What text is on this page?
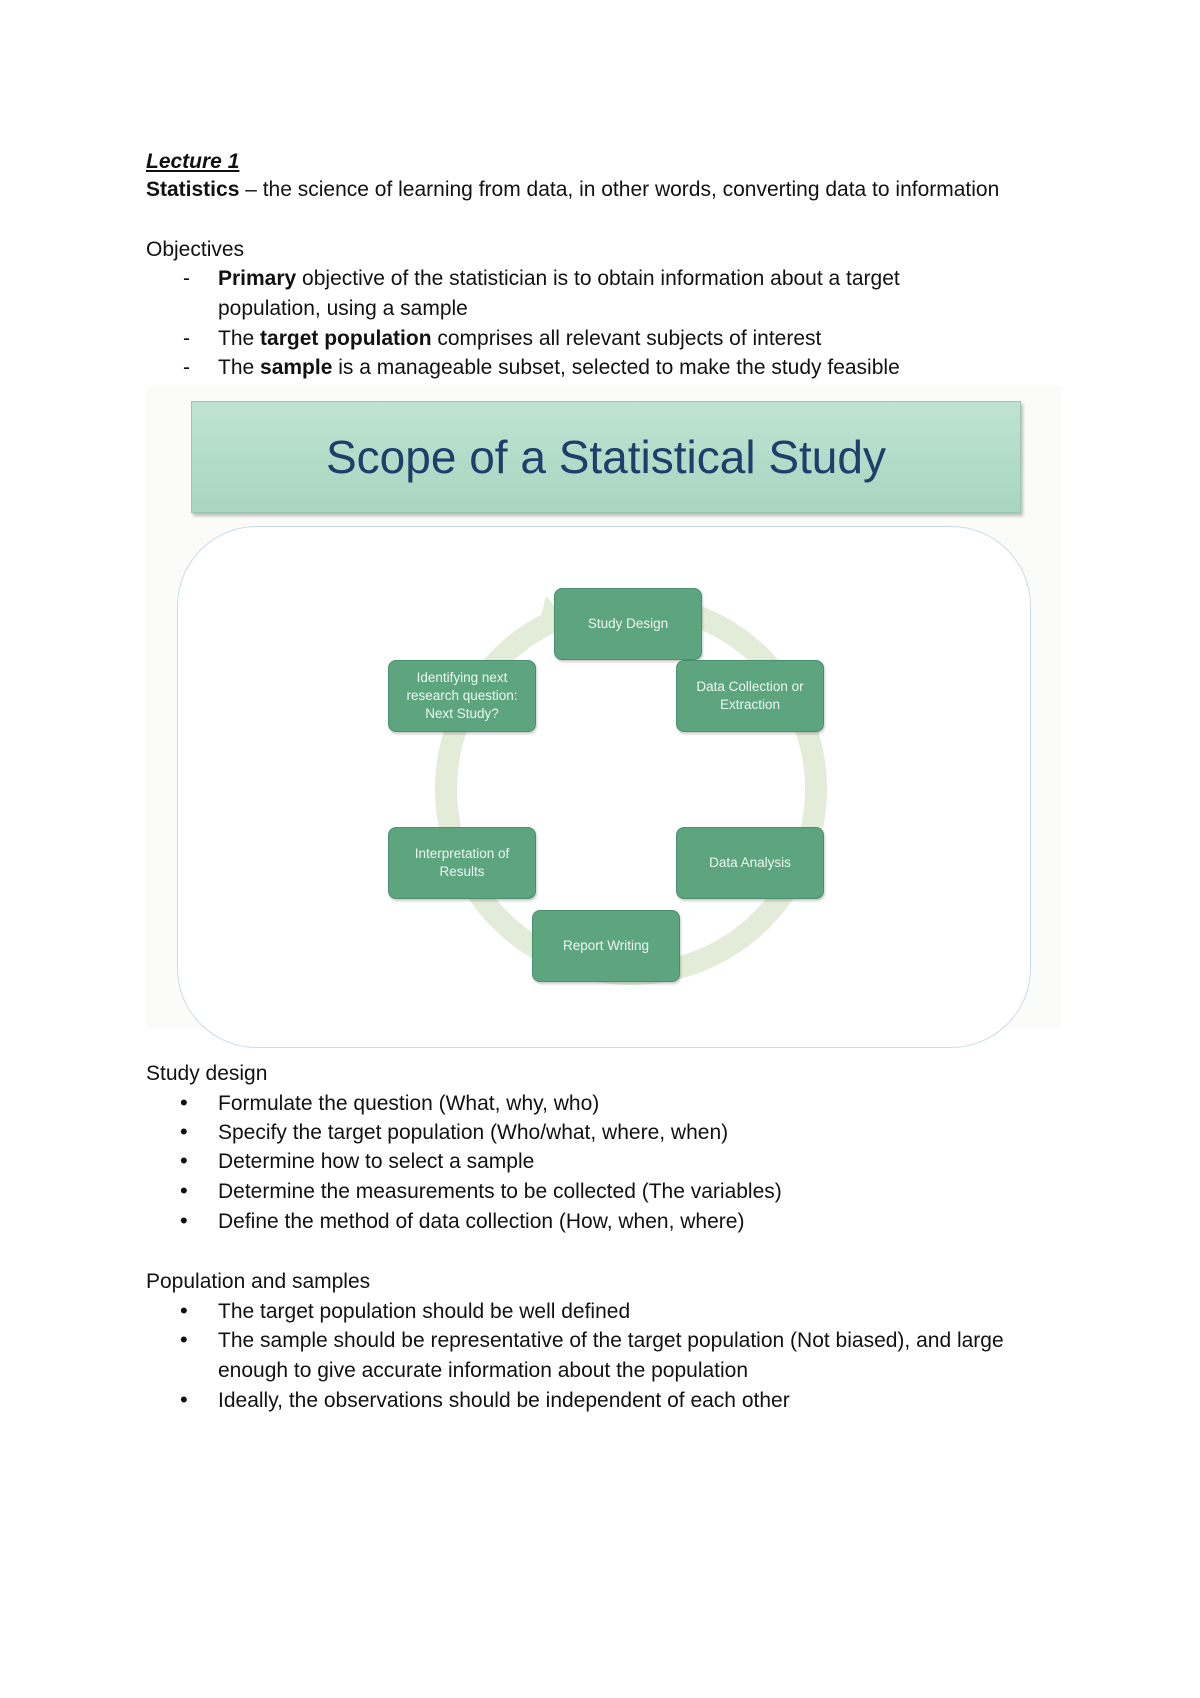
Lecture 1
Statistics – the science of learning from data, in other words, converting data to information
Objectives
- Primary objective of the statistician is to obtain information about a target
population, using a sample
- The target population comprises all relevant subjects of interest
- The sample is a manageable subset, selected to make the study feasible
Scope of a Statistical Study
Study Design
Data Collection or Extraction
Data Analysis
Report Writing
Interpretation of Results
Identifying next research question: Next Study?
Study design
• Formulate the question (What, why, who)
• Specify the target population (Who/what, where, when)
• Determine how to select a sample
• Determine the measurements to be collected (The variables)
• Define the method of data collection (How, when, where)
Population and samples
• The target population should be well defined
• The sample should be representative of the target population (Not biased), and large enough to give accurate information about the population
• Ideally, the observations should be independent of each other
